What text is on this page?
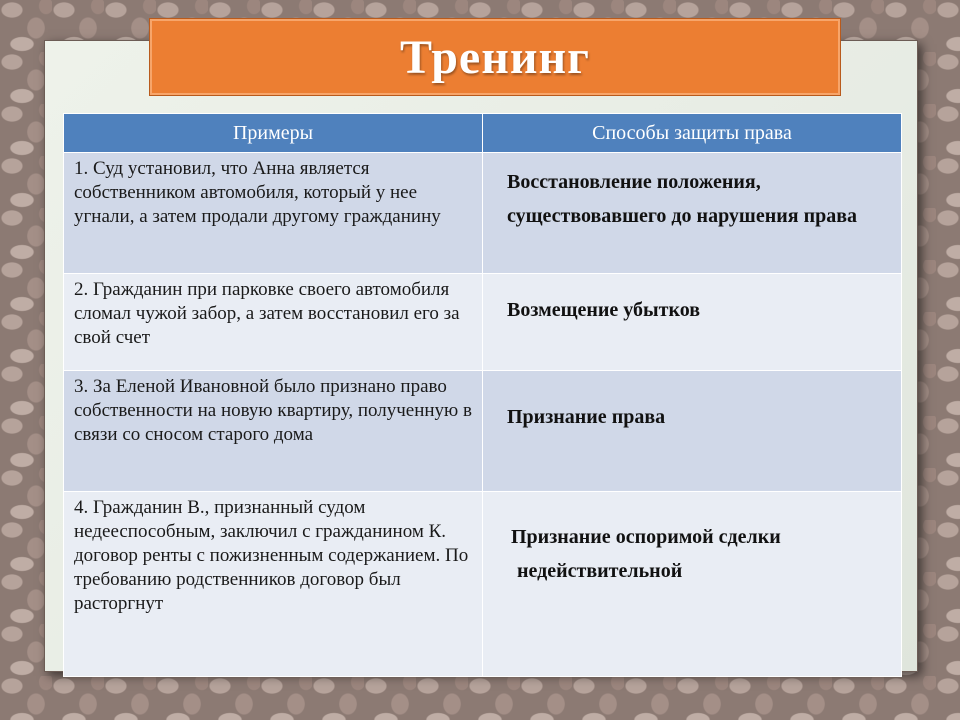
Тренинг
Примеры	Способы защиты права
1. Суд установил, что Анна является собственником автомобиля, который у нее угнали, а затем продали другому гражданину	Восстановление положения, существовавшего до нарушения права

2. Гражданин при парковке своего автомобиля сломал чужой забор, а затем восстановил его за свой счет	Возмещение убытков

3. За Еленой Ивановной было признано право собственности на новую квартиру, полученную в связи со сносом старого дома	Признание права

4. Гражданин В., признанный судом недееспособным, заключил с гражданином К. договор ренты с пожизненным содержанием. По требованию родственников договор был расторгнут	Признание оспоримой сделки
недействительной
